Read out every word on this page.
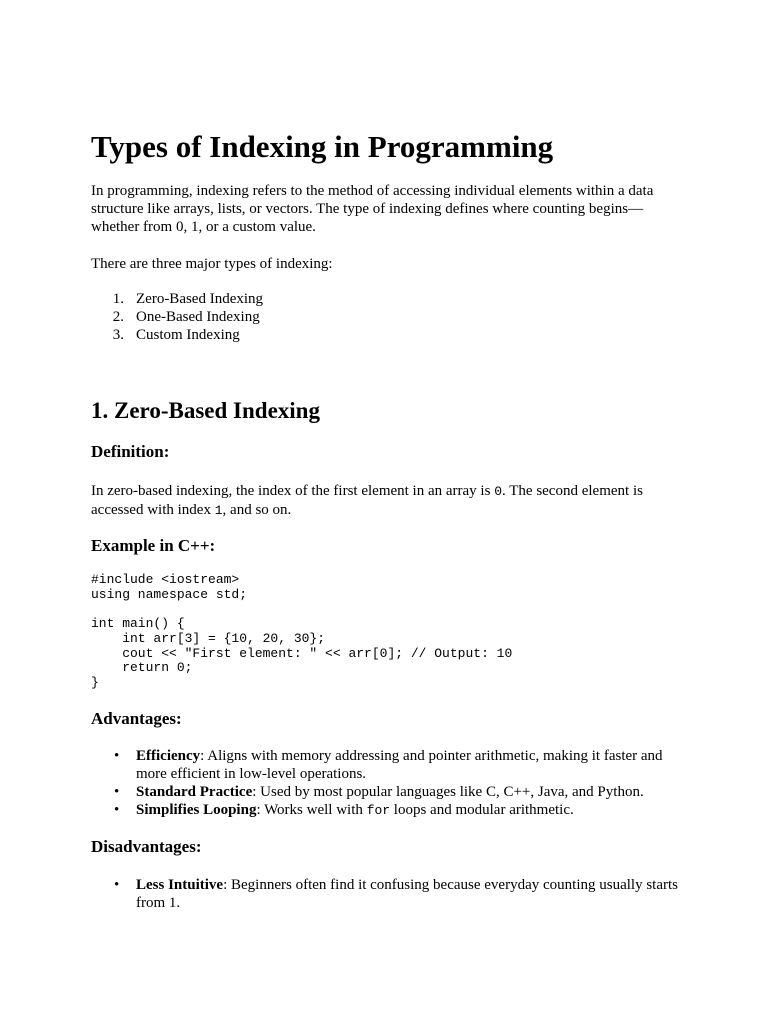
Types of Indexing in Programming

In programming, indexing refers to the method of accessing individual elements within a data structure like arrays, lists, or vectors. The type of indexing defines where counting begins—whether from 0, 1, or a custom value.

There are three major types of indexing:

1. Zero-Based Indexing
2. One-Based Indexing
3. Custom Indexing
1. Zero-Based Indexing
Definition:

In zero-based indexing, the index of the first element in an array is 0. The second element is accessed with index 1, and so on.

Example in C++:
#include <iostream>
using namespace std;

int main() {
int arr[3] = {10, 20, 30};
cout << "First element: " << arr[0]; // Output: 10
return 0;
}
Advantages:
• Efficiency: Aligns with memory addressing and pointer arithmetic, making it faster and more efficient in low-level operations.
• Standard Practice: Used by most popular languages like C, C++, Java, and Python.
• Simplifies Looping: Works well with for loops and modular arithmetic.
Disadvantages:
• Less Intuitive: Beginners often find it confusing because everyday counting usually starts from 1.
